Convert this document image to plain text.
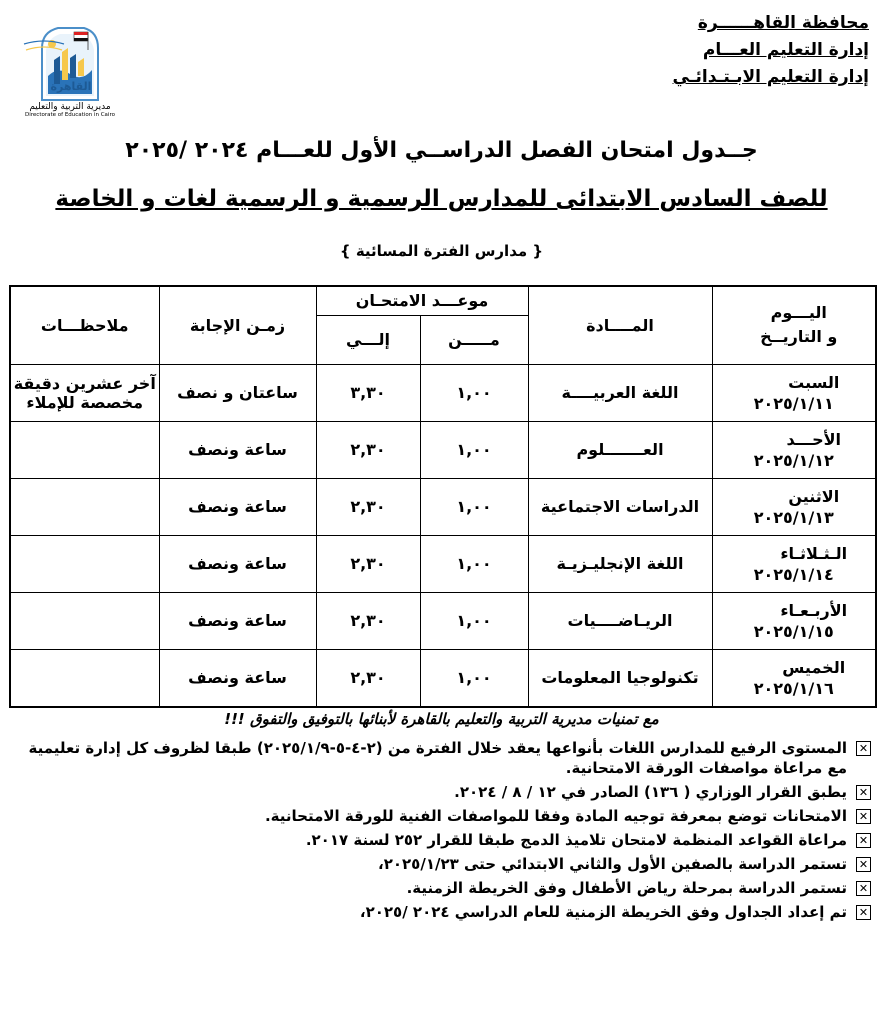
القاهرة
مديرية التربية والتعليم
Directorate of Education in Cairo
محافظة القاهــــــرة
إدارة التعليم العـــام
إدارة التعليم الابـتـدائـي
جــدول امتحان الفصل الدراســي الأول للعـــام ٢٠٢٤ /٢٠٢٥
للصف السادس الابتدائى للمدارس الرسمية و الرسمية لغات و الخاصة
{ مدارس الفترة المسائية }
اليـــوم
و التاريــخ	المــــادة	موعـــد الامتحـان		زمـن الإجابة	ملاحظـــات
		مـــــن	إلـــي		

السبت
٢٠٢٥/١/١١	اللغة العربيــــة	١,٠٠	٣,٣٠	ساعتان و نصف	آخر عشرين دقيقة
مخصصة للإملاء

الأحـــد
٢٠٢٥/١/١٢	العـــــــلوم	١,٠٠	٢,٣٠	ساعة ونصف	

الاثنين
٢٠٢٥/١/١٣	الدراسات الاجتماعية	١,٠٠	٢,٣٠	ساعة ونصف	

الـثـلاثـاء
٢٠٢٥/١/١٤	اللغة الإنجليـزيـة	١,٠٠	٢,٣٠	ساعة ونصف	

الأربـعـاء
٢٠٢٥/١/١٥	الريـاضــــيات	١,٠٠	٢,٣٠	ساعة ونصف	

الخميس
٢٠٢٥/١/١٦	تكنولوجيا المعلومات	١,٠٠	٢,٣٠	ساعة ونصف	
مع تمنيات مديرية التربية والتعليم بالقاهرة لأبنائها بالتوفيق والتفوق !!!
✕
المستوى الرفيع للمدارس اللغات بأنواعها يعقد خلال الفترة من (٢-٤-٥-٢٠٢٥/١/٩) طبقا لظروف كل إدارة تعليمية مع مراعاة مواصفات الورقة الامتحانية.
✕
يطبق القرار الوزاري ( ١٣٦) الصادر في ١٢ / ٨ / ٢٠٢٤.
✕
الامتحانات توضع بمعرفة توجيه المادة وفقا للمواصفات الفنية للورقة الامتحانية.
✕
مراعاة القواعد المنظمة لامتحان تلاميذ الدمج طبقا للقرار ٢٥٢ لسنة ٢٠١٧.
✕
تستمر الدراسة بالصفين الأول والثاني الابتدائي حتى ٢٠٢٥/١/٢٣،
✕
تستمر الدراسة بمرحلة رياض الأطفال وفق الخريطة الزمنية.
✕
تم إعداد الجداول وفق الخريطة الزمنية للعام الدراسي ٢٠٢٤ /٢٠٢٥،
